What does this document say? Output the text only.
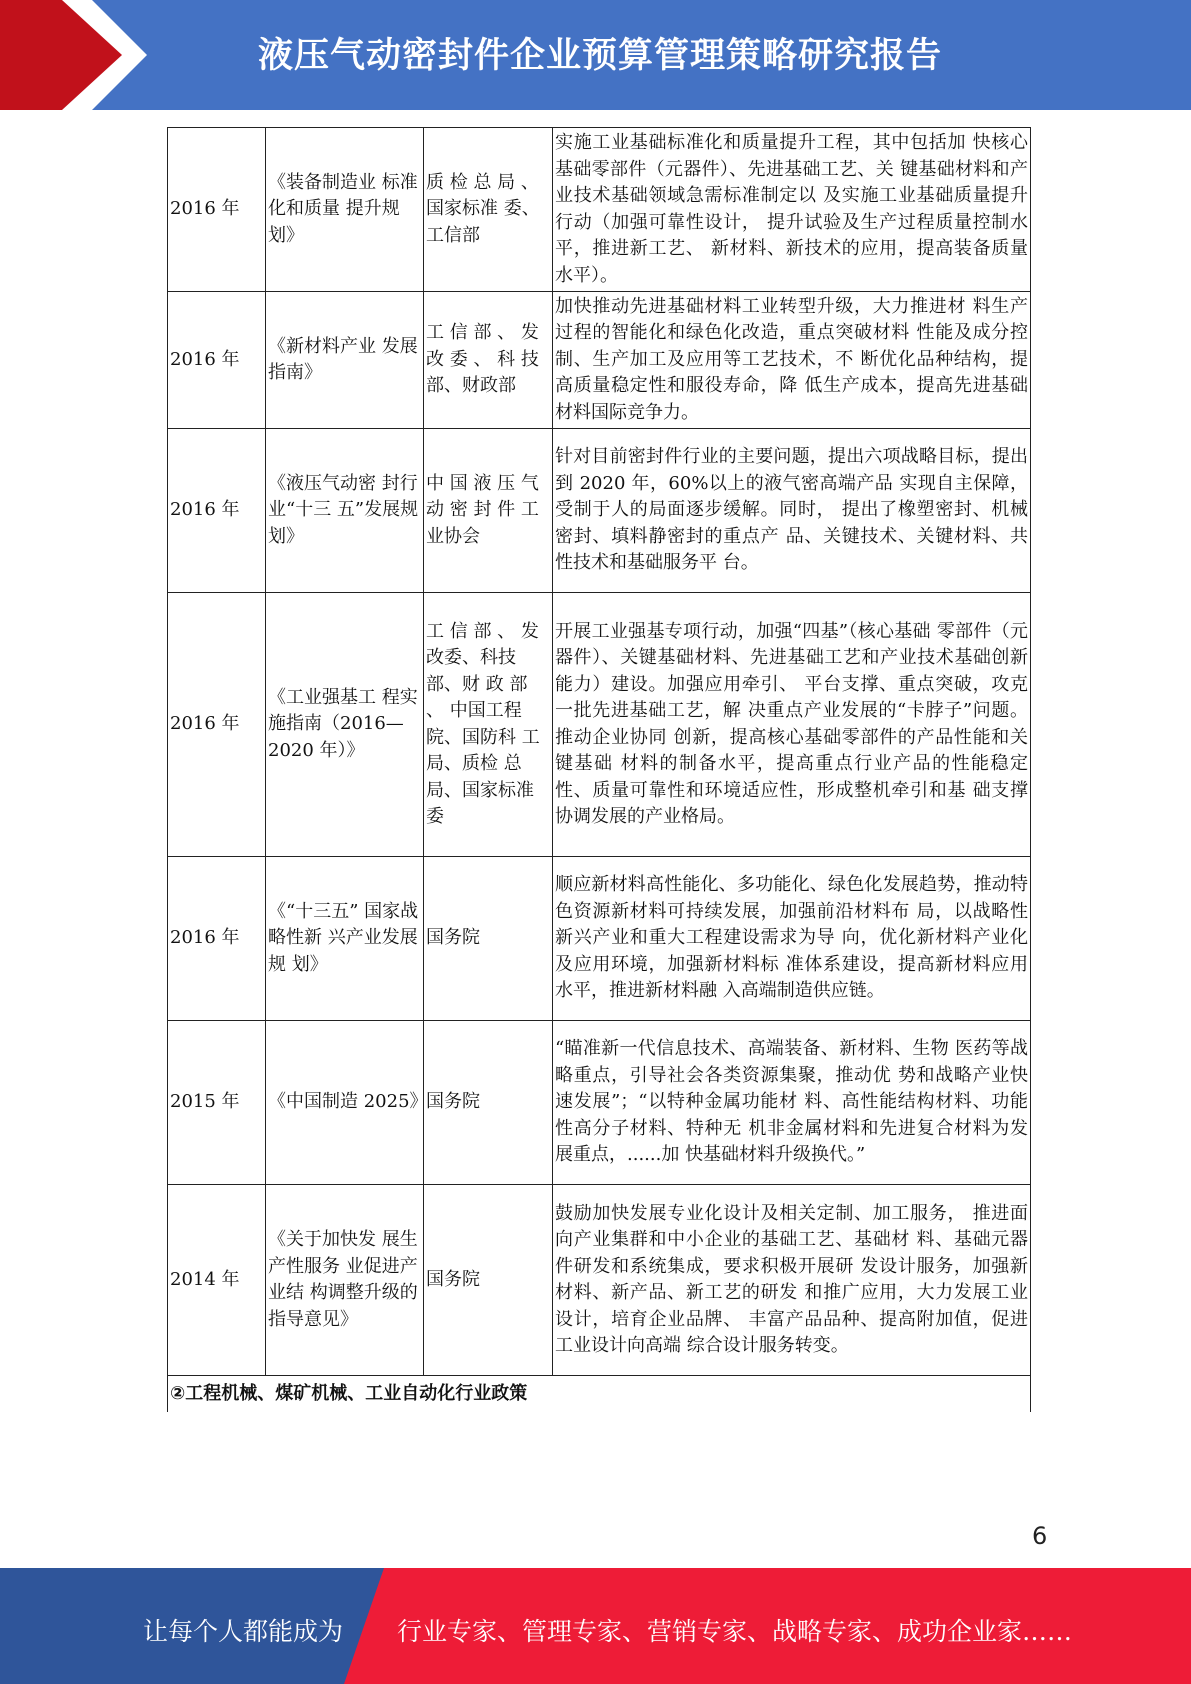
液压气动密封件企业预算管理策略研究报告
2016 年	《装备制造业 标准化和质量 提升规划》	质 检 总 局 、国家标准 委、工信部	实施工业基础标准化和质量提升工程，其中包括加 快核心基础零部件（元器件）、先进基础工艺、关 键基础材料和产业技术基础领域急需标准制定以 及实施工业基础质量提升行动（加强可靠性设计， 提升试验及生产过程质量控制水平，推进新工艺、 新材料、新技术的应用，提高装备质量水平）。
2016 年	《新材料产业 发展指南》	工 信 部 、 发改 委 、 科 技部、财政部	加快推动先进基础材料工业转型升级，大力推进材 料生产过程的智能化和绿色化改造，重点突破材料 性能及成分控制、生产加工及应用等工艺技术，不 断优化品种结构，提高质量稳定性和服役寿命，降 低生产成本，提高先进基础材料国际竞争力。
2016 年	《液压气动密 封行业“十三 五”发展规 划》	中 国 液 压 气动 密 封 件 工业协会	针对目前密封件行业的主要问题，提出六项战略目标，提出到 2020 年，60%以上的液气密高端产品 实现自主保障，受制于人的局面逐步缓解。同时， 提出了橡塑密封、机械密封、填料静密封的重点产 品、关键技术、关键材料、共性技术和基础服务平 台。
2016 年	《工业强基工 程实施指南（2016—2020 年）》	工 信 部 、 发改委、科技部、财 政 部 、 中国工程 院、国防科 工局、质检 总局、国家标准委	开展工业强基专项行动，加强“四基”（核心基础 零部件（元器件）、关键基础材料、先进基础工艺和产业技术基础创新能力）建设。加强应用牵引、 平台支撑、重点突破，攻克一批先进基础工艺，解 决重点产业发展的“卡脖子”问题。推动企业协同 创新，提高核心基础零部件的产品性能和关键基础 材料的制备水平，提高重点行业产品的性能稳定 性、质量可靠性和环境适应性，形成整机牵引和基 础支撑协调发展的产业格局。
2016 年	《“十三五” 国家战略性新 兴产业发展规 划》	国务院	顺应新材料高性能化、多功能化、绿色化发展趋势，推动特色资源新材料可持续发展，加强前沿材料布 局，以战略性新兴产业和重大工程建设需求为导 向，优化新材料产业化及应用环境，加强新材料标 准体系建设，提高新材料应用水平，推进新材料融 入高端制造供应链。
2015 年	《中国制造 2025》	国务院	“瞄准新一代信息技术、高端装备、新材料、生物 医药等战略重点，引导社会各类资源集聚，推动优 势和战略产业快速发展”；“以特种金属功能材 料、高性能结构材料、功能性高分子材料、特种无 机非金属材料和先进复合材料为发展重点，......加 快基础材料升级换代。”
2014 年	《关于加快发 展生产性服务 业促进产业结 构调整升级的 指导意见》	国务院	鼓励加快发展专业化设计及相关定制、加工服务， 推进面向产业集群和中小企业的基础工艺、基础材 料、基础元器件研发和系统集成，要求积极开展研 发设计服务，加强新材料、新产品、新工艺的研发 和推广应用，大力发展工业设计，培育企业品牌、 丰富产品品种、提高附加值，促进工业设计向高端 综合设计服务转变。
②工程机械、煤矿机械、工业自动化行业政策			
6
让每个人都能成为 行业专家、管理专家、营销专家、战略专家、成功企业家……
